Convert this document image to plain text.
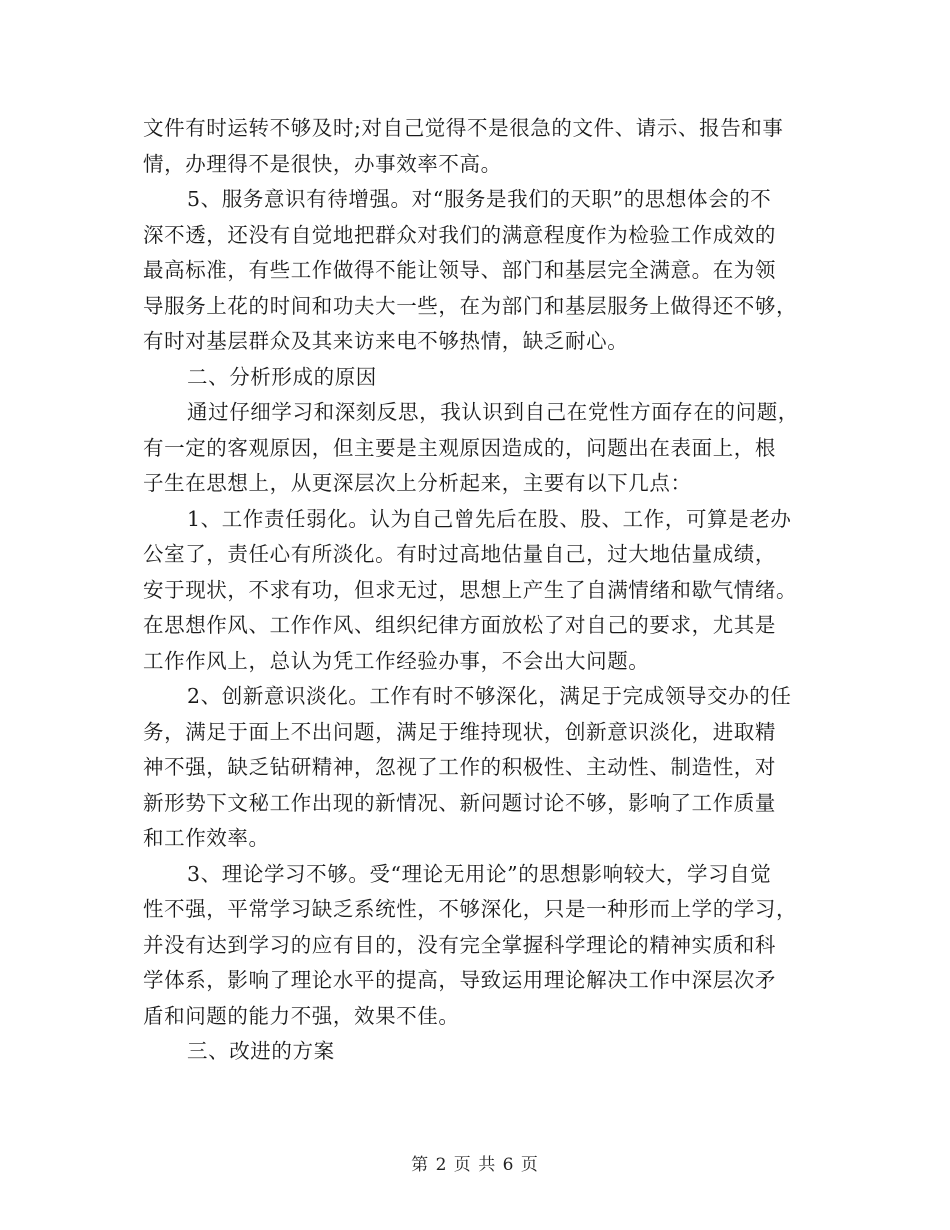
文件有时运转不够及时;对自己觉得不是很急的文件、请示、报告和事
情，办理得不是很快，办事效率不高。
5、服务意识有待增强。对“服务是我们的天职”的思想体会的不
深不透，还没有自觉地把群众对我们的满意程度作为检验工作成效的
最高标准，有些工作做得不能让领导、部门和基层完全满意。在为领
导服务上花的时间和功夫大一些，在为部门和基层服务上做得还不够，
有时对基层群众及其来访来电不够热情，缺乏耐心。
二、分析形成的原因
通过仔细学习和深刻反思，我认识到自己在党性方面存在的问题，
有一定的客观原因，但主要是主观原因造成的，问题出在表面上，根
子生在思想上，从更深层次上分析起来，主要有以下几点：
1、工作责任弱化。认为自己曾先后在股、股、工作，可算是老办
公室了，责任心有所淡化。有时过高地估量自己，过大地估量成绩，
安于现状，不求有功，但求无过，思想上产生了自满情绪和歇气情绪。
在思想作风、工作作风、组织纪律方面放松了对自己的要求，尤其是
工作作风上，总认为凭工作经验办事，不会出大问题。
2、创新意识淡化。工作有时不够深化，满足于完成领导交办的任
务，满足于面上不出问题，满足于维持现状，创新意识淡化，进取精
神不强，缺乏钻研精神，忽视了工作的积极性、主动性、制造性，对
新形势下文秘工作出现的新情况、新问题讨论不够，影响了工作质量
和工作效率。
3、理论学习不够。受“理论无用论”的思想影响较大，学习自觉
性不强，平常学习缺乏系统性，不够深化，只是一种形而上学的学习，
并没有达到学习的应有目的，没有完全掌握科学理论的精神实质和科
学体系，影响了理论水平的提高，导致运用理论解决工作中深层次矛
盾和问题的能力不强，效果不佳。
三、改进的方案
第 2 页 共 6 页
